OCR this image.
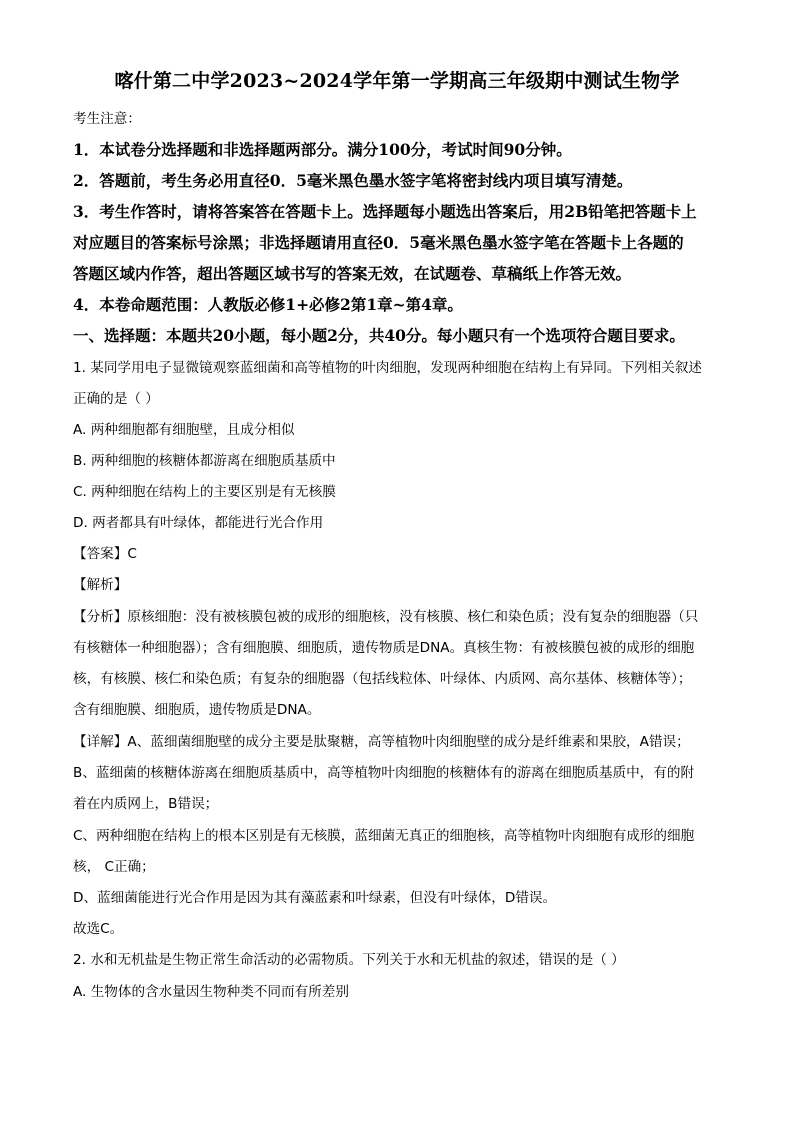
喀什第二中学2023~2024学年第一学期高三年级期中测试生物学
考生注意：
1．本试卷分选择题和非选择题两部分。满分100分，考试时间90分钟。
2．答题前，考生务必用直径0．5毫米黑色墨水签字笔将密封线内项目填写清楚。
3．考生作答时，请将答案答在答题卡上。选择题每小题选出答案后，用2B铅笔把答题卡上
对应题目的答案标号涂黑；非选择题请用直径0．5毫米黑色墨水签字笔在答题卡上各题的
答题区域内作答，超出答题区域书写的答案无效，在试题卷、草稿纸上作答无效。
4．本卷命题范围：人教版必修1+必修2第1章~第4章。
一、选择题：本题共20小题，每小题2分，共40分。每小题只有一个选项符合题目要求。
1. 某同学用电子显微镜观察蓝细菌和高等植物的叶肉细胞，发现两种细胞在结构上有异同。下列相关叙述
正确的是（ ）
A. 两种细胞都有细胞壁，且成分相似
B. 两种细胞的核糖体都游离在细胞质基质中
C. 两种细胞在结构上的主要区别是有无核膜
D. 两者都具有叶绿体，都能进行光合作用
【答案】C
【解析】
【分析】原核细胞：没有被核膜包被的成形的细胞核，没有核膜、核仁和染色质；没有复杂的细胞器（只
有核糖体一种细胞器）；含有细胞膜、细胞质，遗传物质是DNA。真核生物：有被核膜包被的成形的细胞
核，有核膜、核仁和染色质；有复杂的细胞器（包括线粒体、叶绿体、内质网、高尔基体、核糖体等）；
含有细胞膜、细胞质，遗传物质是DNA。
【详解】A、蓝细菌细胞壁的成分主要是肽聚糖，高等植物叶肉细胞壁的成分是纤维素和果胶，A错误；
B、蓝细菌的核糖体游离在细胞质基质中，高等植物叶肉细胞的核糖体有的游离在细胞质基质中，有的附
着在内质网上，B错误；
C、两种细胞在结构上的根本区别是有无核膜，蓝细菌无真正的细胞核，高等植物叶肉细胞有成形的细胞
核， C正确；
D、蓝细菌能进行光合作用是因为其有藻蓝素和叶绿素，但没有叶绿体，D错误。
故选C。
2. 水和无机盐是生物正常生命活动的必需物质。下列关于水和无机盐的叙述，错误的是（ ）
A. 生物体的含水量因生物种类不同而有所差别
